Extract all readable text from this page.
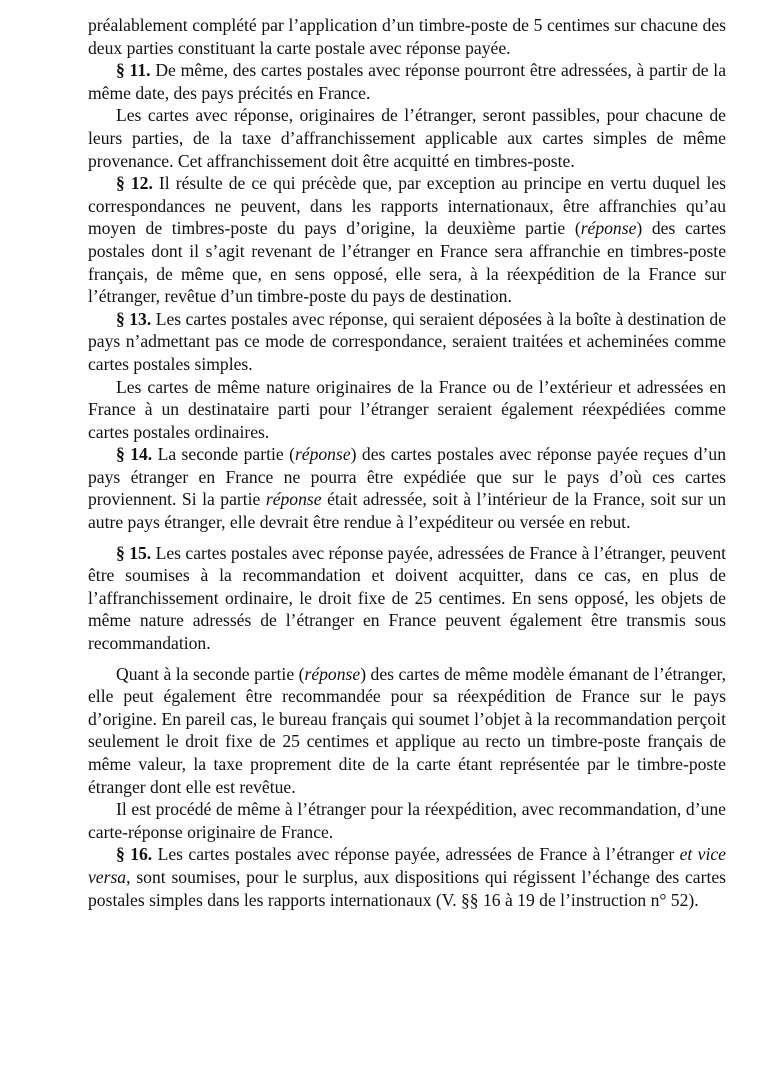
préalablement complété par l’application d’un timbre-poste de 5 centimes sur chacune des deux parties constituant la carte postale avec réponse payée.

§ 11. De même, des cartes postales avec réponse pourront être adressées, à partir de la même date, des pays précités en France.

Les cartes avec réponse, originaires de l’étranger, seront passibles, pour chacune de leurs parties, de la taxe d’affranchissement applicable aux cartes simples de même provenance. Cet affranchissement doit être acquitté en timbres-poste.

§ 12. Il résulte de ce qui précède que, par exception au principe en vertu duquel les correspondances ne peuvent, dans les rapports internationaux, être affranchies qu’au moyen de timbres-poste du pays d’origine, la deuxième partie (réponse) des cartes postales dont il s’agit revenant de l’étranger en France sera affranchie en timbres-poste français, de même que, en sens opposé, elle sera, à la réexpédition de la France sur l’étranger, revêtue d’un timbre-poste du pays de destination.

§ 13. Les cartes postales avec réponse, qui seraient déposées à la boîte à destination de pays n’admettant pas ce mode de correspondance, seraient traitées et acheminées comme cartes postales simples.

Les cartes de même nature originaires de la France ou de l’extérieur et adressées en France à un destinataire parti pour l’étranger seraient également réexpédiées comme cartes postales ordinaires.

§ 14. La seconde partie (réponse) des cartes postales avec réponse payée reçues d’un pays étranger en France ne pourra être expédiée que sur le pays d’où ces cartes proviennent. Si la partie réponse était adressée, soit à l’intérieur de la France, soit sur un autre pays étranger, elle devrait être rendue à l’expéditeur ou versée en rebut.

§ 15. Les cartes postales avec réponse payée, adressées de France à l’étranger, peuvent être soumises à la recommandation et doivent acquitter, dans ce cas, en plus de l’affranchissement ordinaire, le droit fixe de 25 centimes. En sens opposé, les objets de même nature adressés de l’étranger en France peuvent également être transmis sous recommandation.

Quant à la seconde partie (réponse) des cartes de même modèle émanant de l’étranger, elle peut également être recommandée pour sa réexpédition de France sur le pays d’origine. En pareil cas, le bureau français qui soumet l’objet à la recommandation perçoit seulement le droit fixe de 25 centimes et applique au recto un timbre-poste français de même valeur, la taxe proprement dite de la carte étant représentée par le timbre-poste étranger dont elle est revêtue.

Il est procédé de même à l’étranger pour la réexpédition, avec recommandation, d’une carte-réponse originaire de France.

§ 16. Les cartes postales avec réponse payée, adressées de France à l’étranger et vice versa, sont soumises, pour le surplus, aux dispositions qui régissent l’échange des cartes postales simples dans les rapports internationaux (V. §§ 16 à 19 de l’instruction n° 52).
